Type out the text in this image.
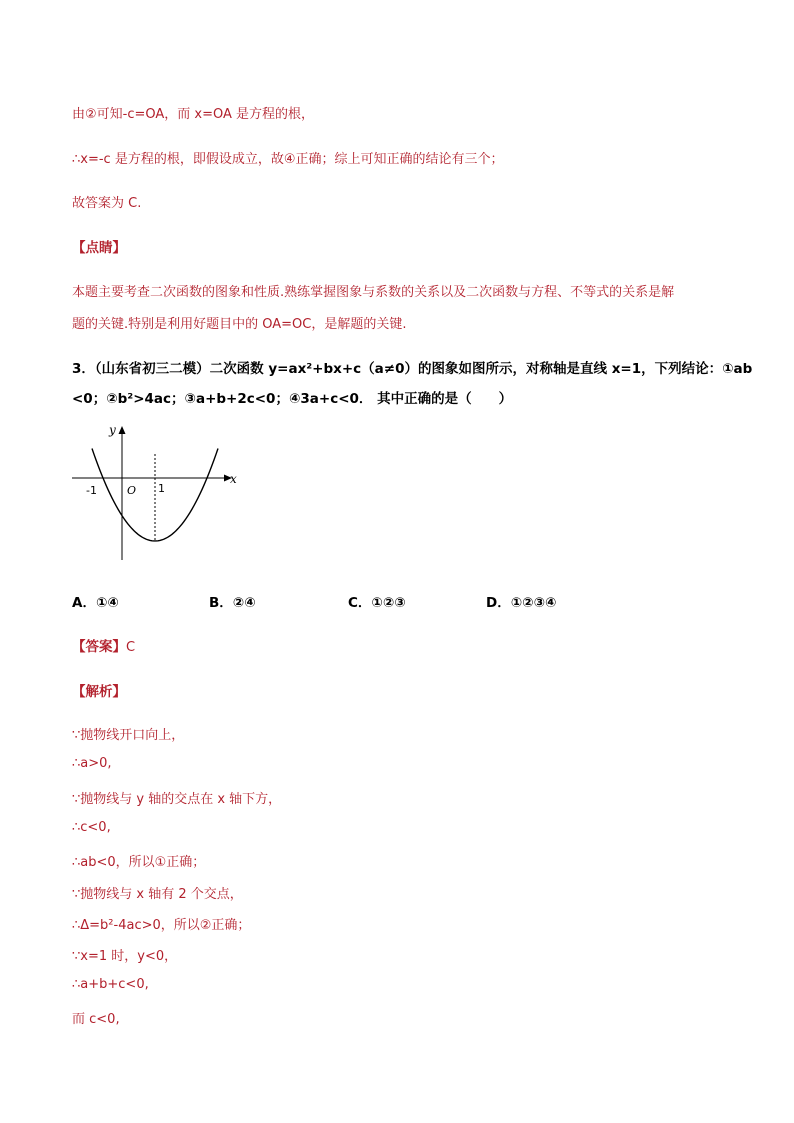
由②可知-c=OA，而 x=OA 是方程的根，
∴x=-c 是方程的根，即假设成立，故④正确；综上可知正确的结论有三个；
故答案为 C.
【点睛】
本题主要考查二次函数的图象和性质.熟练掌握图象与系数的关系以及二次函数与方程、不等式的关系是解
题的关键.特别是利用好题目中的 OA=OC，是解题的关键.
3．（山东省初三二模）二次函数 y=ax²+bx+c（a≠0）的图象如图所示，对称轴是直线 x=1，下列结论：①ab
<0；②b²>4ac；③a+b+2c<0；④3a+c<0． 其中正确的是（　　）
y
x
-1	O 1
A．①④	B．②④	C．①②③	D．①②③④
【答案】C
【解析】
∵抛物线开口向上，
∴a>0,
∵抛物线与 y 轴的交点在 x 轴下方，
∴c<0,
∴ab<0，所以①正确；
∵抛物线与 x 轴有 2 个交点，
∴Δ=b²-4ac>0，所以②正确；
∵x=1 时，y<0，
∴a+b+c<0,
而 c<0,
